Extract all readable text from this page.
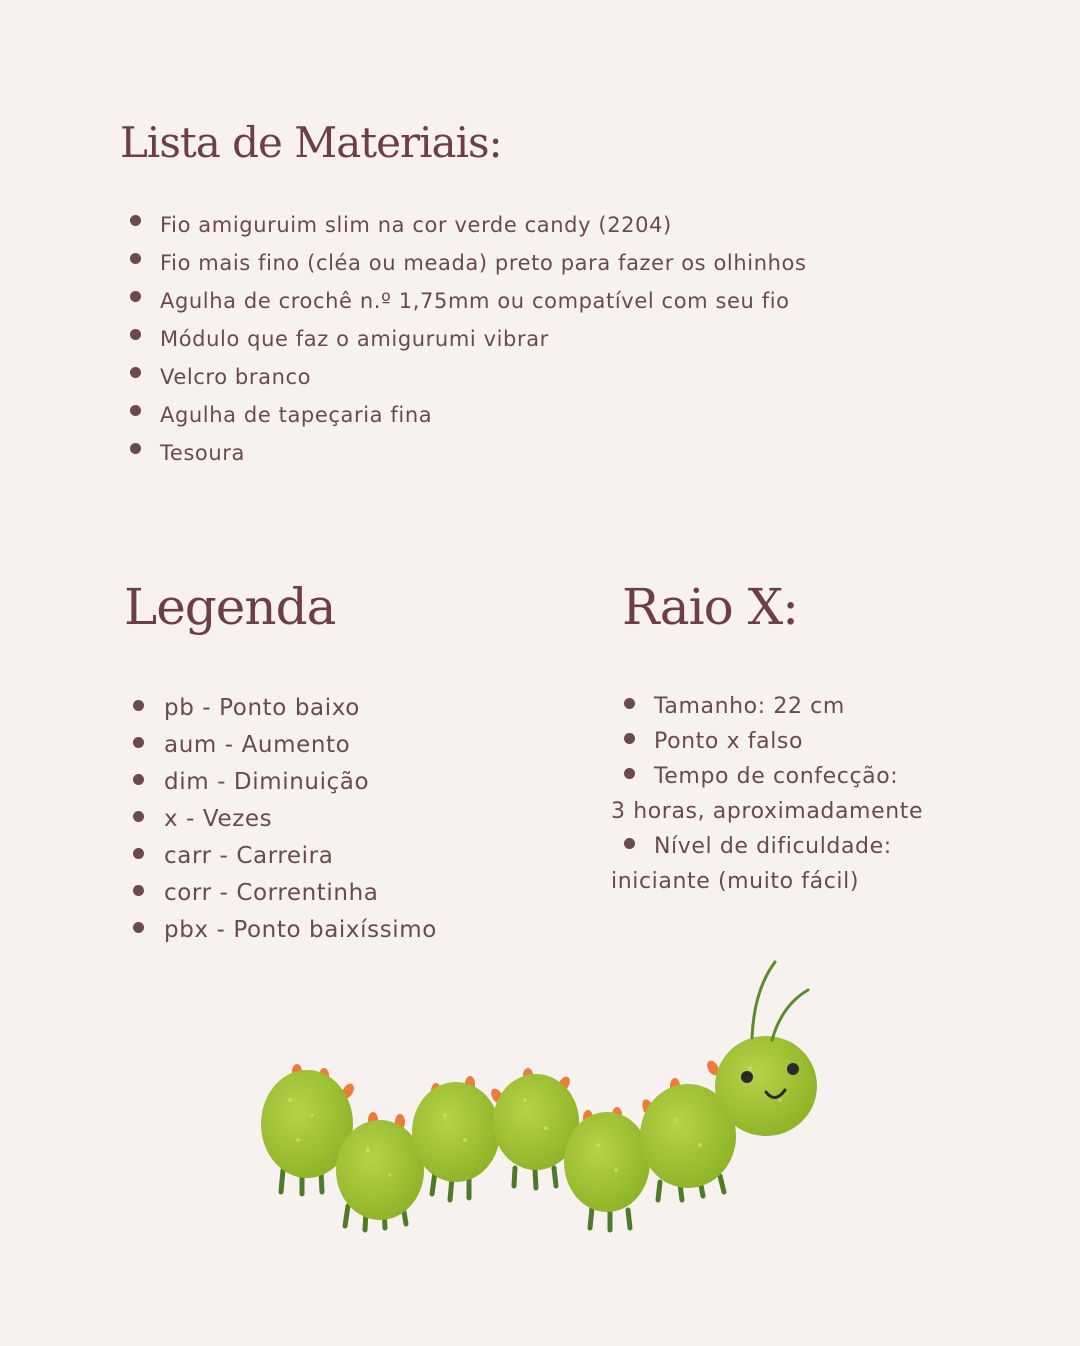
Lista de Materiais:
Fio amiguruim slim na cor verde candy (2204)
Fio mais fino (cléa ou meada) preto para fazer os olhinhos
Agulha de crochê n.º 1,75mm ou compatível com seu fio
Módulo que faz o amigurumi vibrar
Velcro branco
Agulha de tapeçaria fina
Tesoura
Legenda
pb - Ponto baixo
aum - Aumento
dim - Diminuição
x - Vezes
carr - Carreira
corr - Correntinha
pbx - Ponto baixíssimo
Raio X:
Tamanho: 22 cm
Ponto x falso
Tempo de confecção:
3 horas, aproximadamente
Nível de dificuldade:
iniciante (muito fácil)
